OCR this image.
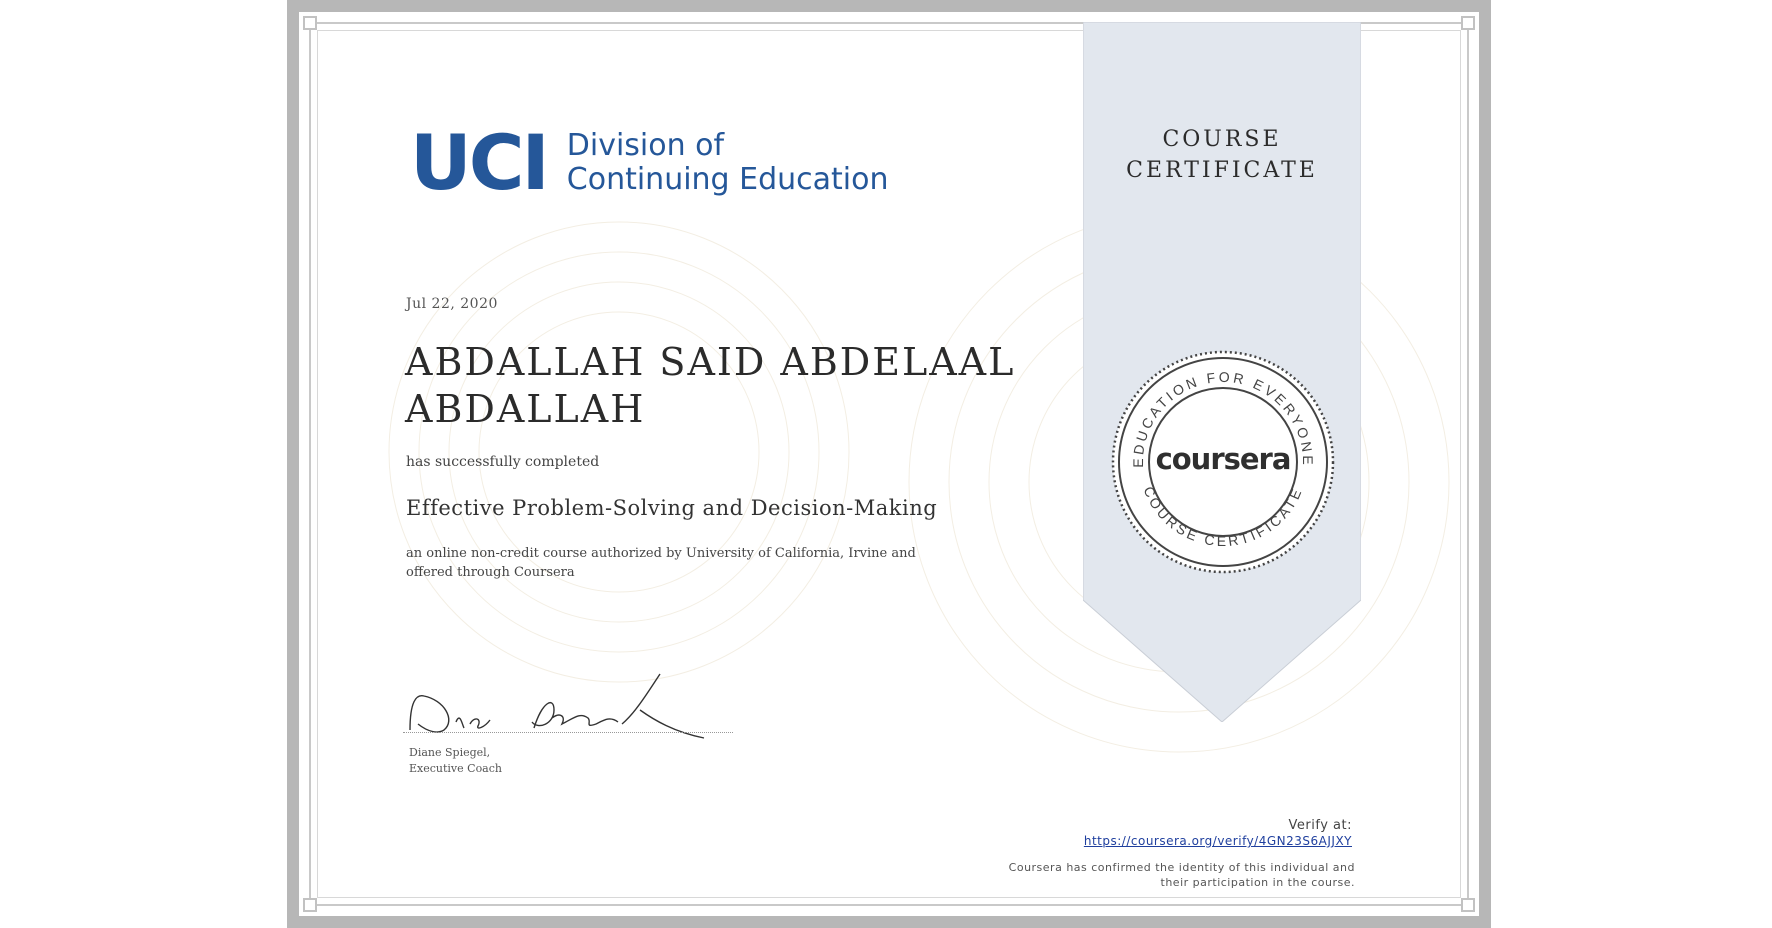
COURSE
CERTIFICATE
EDUCATION FOR EVERYONE
COURSE CERTIFICATE
coursera
UCI Division of
Continuing Education
Jul 22, 2020
ABDALLAH SAID ABDELAAL
ABDALLAH
has successfully completed
Effective Problem-Solving and Decision-Making
an online non-credit course authorized by University of California, Irvine and offered through Coursera
Diane Spiegel,
Executive Coach
Verify at:
https://coursera.org/verify/4GN23S6AJJXY
Coursera has confirmed the identity of this individual and
their participation in the course.
